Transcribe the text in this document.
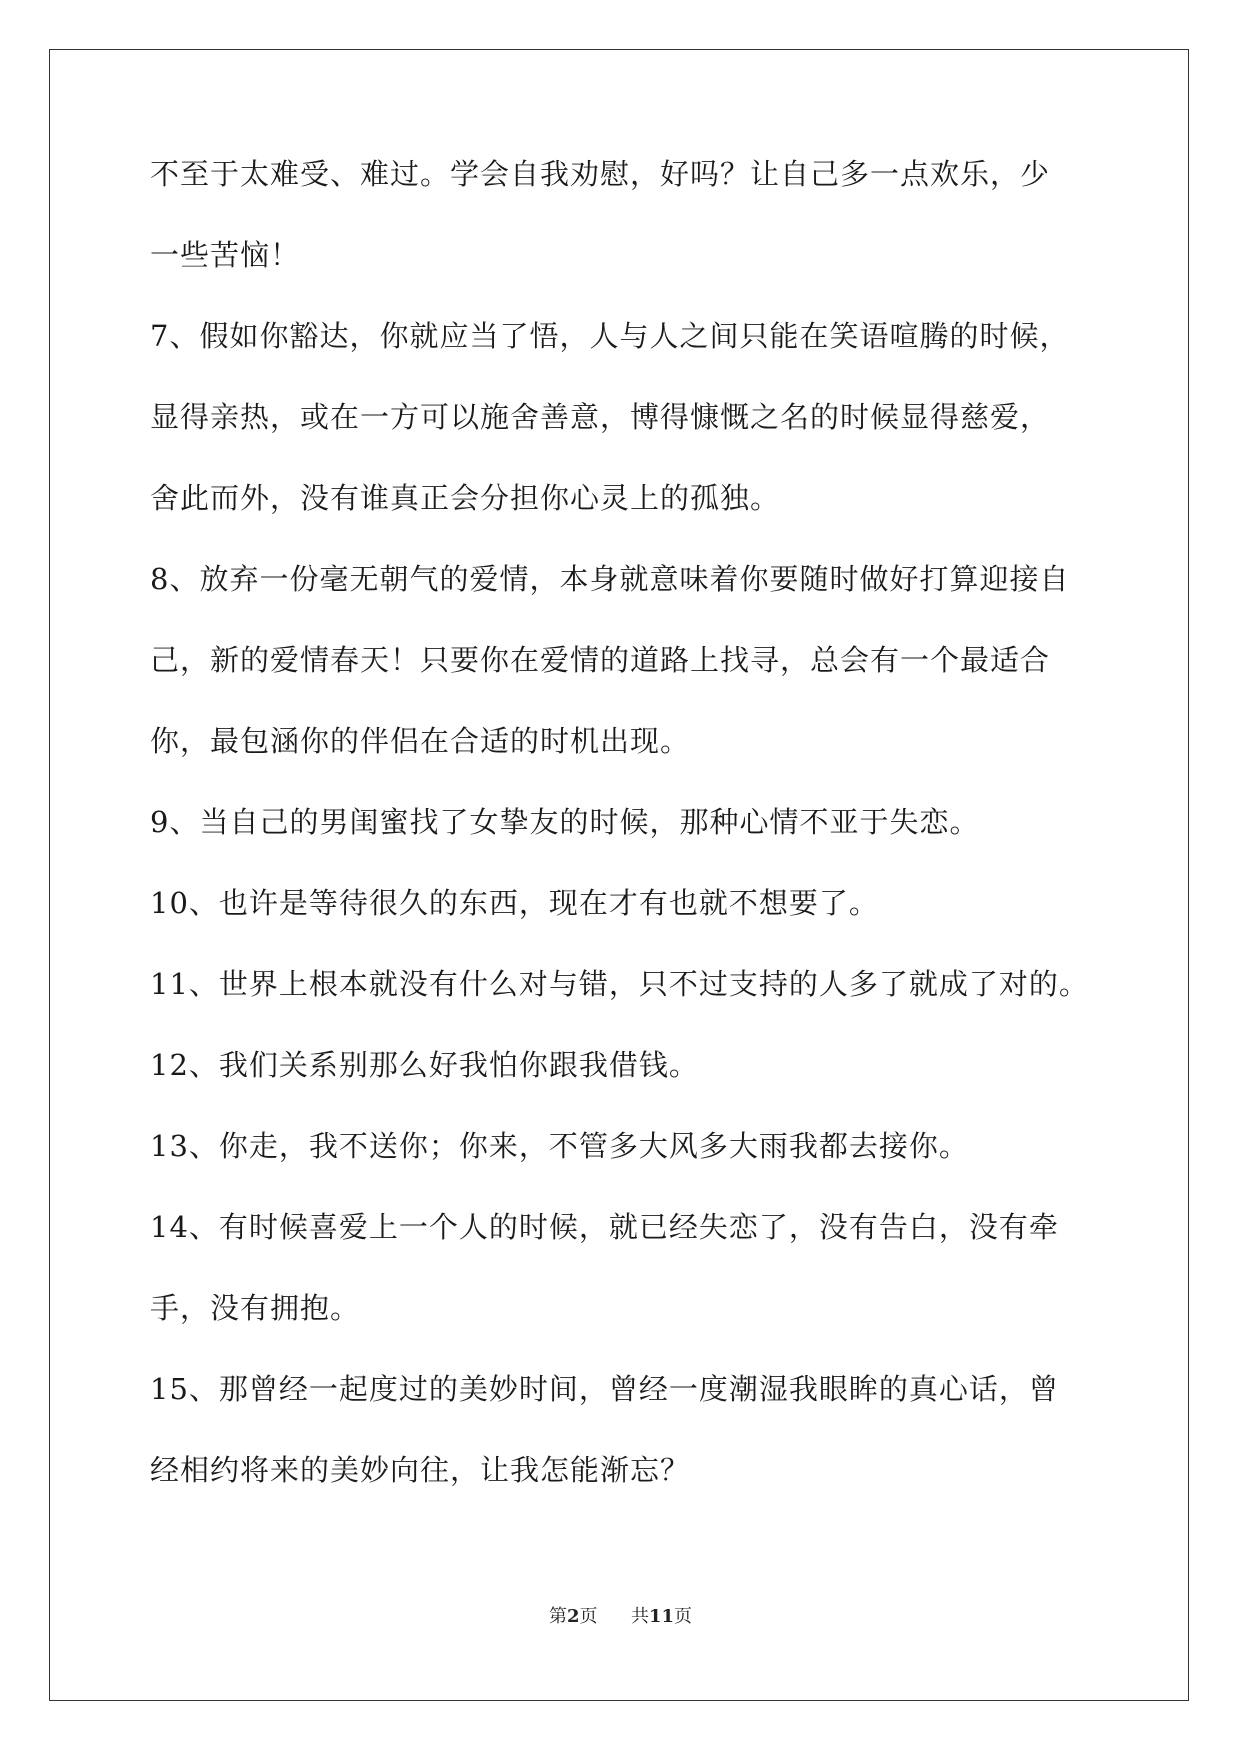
不至于太难受、难过。学会自我劝慰，好吗？让自己多一点欢乐，少
一些苦恼！
7、假如你豁达，你就应当了悟，人与人之间只能在笑语喧腾的时候，
显得亲热，或在一方可以施舍善意，博得慷慨之名的时候显得慈爱，
舍此而外，没有谁真正会分担你心灵上的孤独。
8、放弃一份毫无朝气的爱情，本身就意味着你要随时做好打算迎接自
己，新的爱情春天！只要你在爱情的道路上找寻，总会有一个最适合
你，最包涵你的伴侣在合适的时机出现。
9、当自己的男闺蜜找了女挚友的时候，那种心情不亚于失恋。
10、也许是等待很久的东西，现在才有也就不想要了。
11、世界上根本就没有什么对与错，只不过支持的人多了就成了对的。
12、我们关系别那么好我怕你跟我借钱。
13、你走，我不送你；你来，不管多大风多大雨我都去接你。
14、有时候喜爱上一个人的时候，就已经失恋了，没有告白，没有牵
手，没有拥抱。
15、那曾经一起度过的美妙时间，曾经一度潮湿我眼眸的真心话，曾
经相约将来的美妙向往，让我怎能渐忘？
第2页 共11页
